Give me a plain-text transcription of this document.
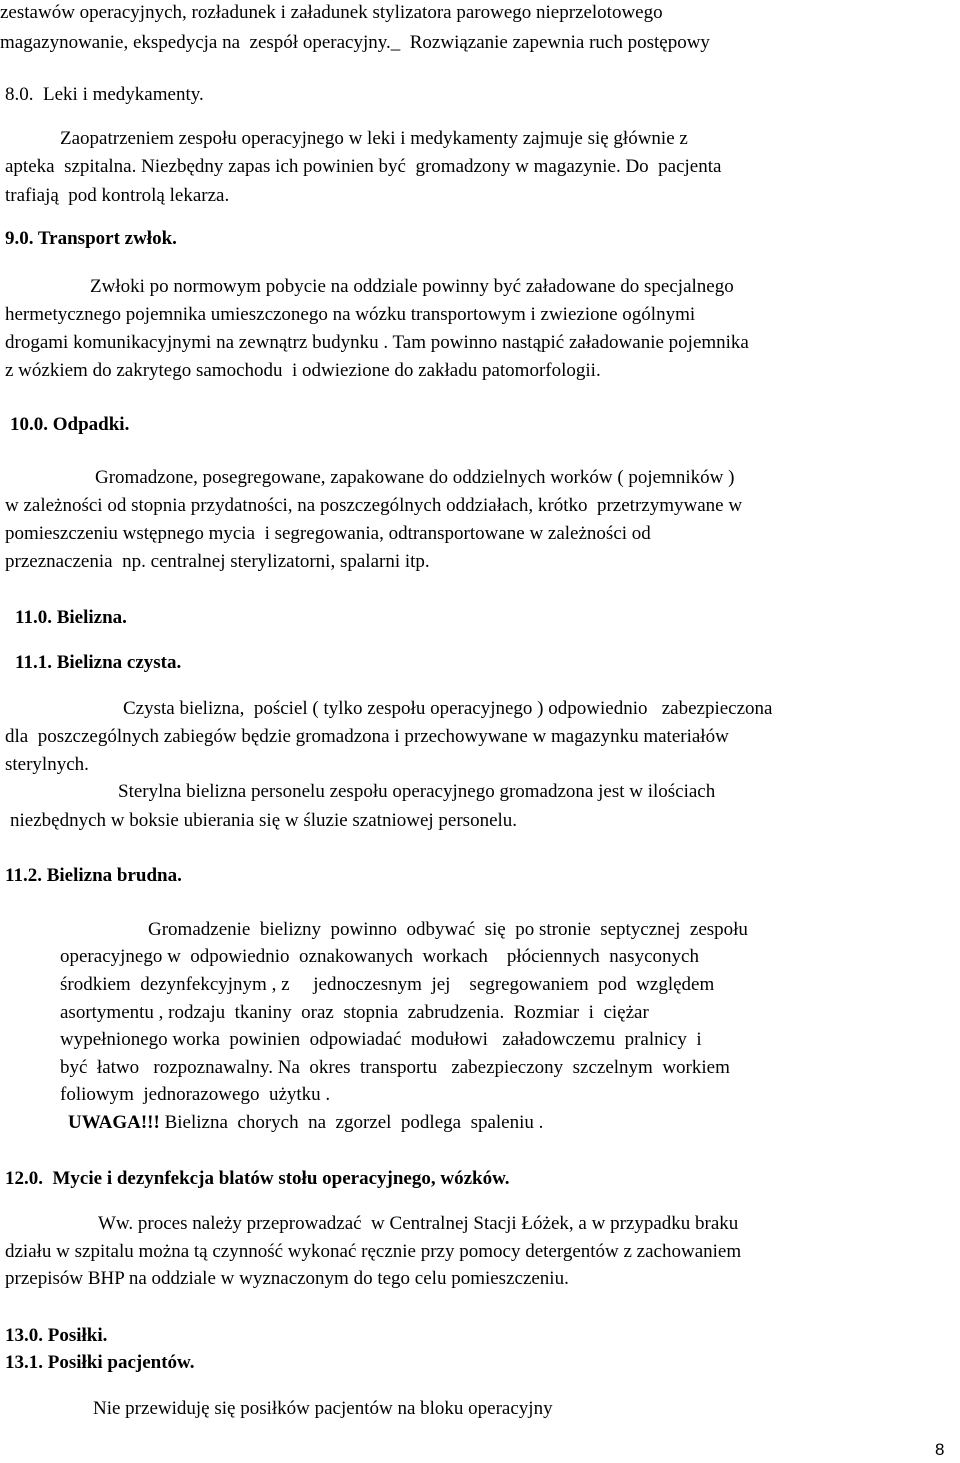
zestawów operacyjnych, rozładunek i załadunek stylizatora parowego nieprzelotowego

magazynowanie, ekspedycja na  zespół operacyjny._  Rozwiązanie zapewnia ruch postępowy

8.0.  Leki i medykamenty.

Zaopatrzeniem zespołu operacyjnego w leki i medykamenty zajmuje się głównie z

apteka  szpitalna. Niezbędny zapas ich powinien być  gromadzony w magazynie. Do  pacjenta

trafiają  pod kontrolą lekarza.

9.0. Transport zwłok.

Zwłoki po normowym pobycie na oddziale powinny być załadowane do specjalnego

hermetycznego pojemnika umieszczonego na wózku transportowym i zwiezione ogólnymi

drogami komunikacyjnymi na zewnątrz budynku . Tam powinno nastąpić załadowanie pojemnika

z wózkiem do zakrytego samochodu  i odwiezione do zakładu patomorfologii.

10.0. Odpadki.

Gromadzone, posegregowane, zapakowane do oddzielnych worków ( pojemników )

w zależności od stopnia przydatności, na poszczególnych oddziałach, krótko  przetrzymywane w

pomieszczeniu wstępnego mycia  i segregowania, odtransportowane w zależności od

przeznaczenia  np. centralnej sterylizatorni, spalarni itp.

11.0. Bielizna.

11.1. Bielizna czysta.

Czysta bielizna,  pościel ( tylko zespołu operacyjnego ) odpowiednio   zabezpieczona

dla  poszczególnych zabiegów będzie gromadzona i przechowywane w magazynku materiałów

sterylnych.

Sterylna bielizna personelu zespołu operacyjnego gromadzona jest w ilościach

niezbędnych w boksie ubierania się w śluzie szatniowej personelu.

11.2. Bielizna brudna.

Gromadzenie  bielizny  powinno  odbywać  się  po stronie  septycznej  zespołu

operacyjnego w  odpowiednio  oznakowanych  workach    płóciennych  nasyconych

środkiem  dezynfekcyjnym , z     jednoczesnym  jej    segregowaniem  pod  względem

asortymentu , rodzaju  tkaniny  oraz  stopnia  zabrudzenia.  Rozmiar  i  ciężar

wypełnionego worka  powinien  odpowiadać  modułowi   załadowczemu  pralnicy  i

być  łatwo   rozpoznawalny. Na  okres  transportu   zabezpieczony  szczelnym  workiem

foliowym  jednorazowego  użytku .

UWAGA!!! Bielizna  chorych  na  zgorzel  podlega  spaleniu .

12.0.  Mycie i dezynfekcja blatów stołu operacyjnego, wózków.

Ww. proces należy przeprowadzać  w Centralnej Stacji Łóżek, a w przypadku braku

działu w szpitalu można tą czynność wykonać ręcznie przy pomocy detergentów z zachowaniem

przepisów BHP na oddziale w wyznaczonym do tego celu pomieszczeniu.

13.0. Posiłki.

13.1. Posiłki pacjentów.

Nie przewiduję się posiłków pacjentów na bloku operacyjny

8
